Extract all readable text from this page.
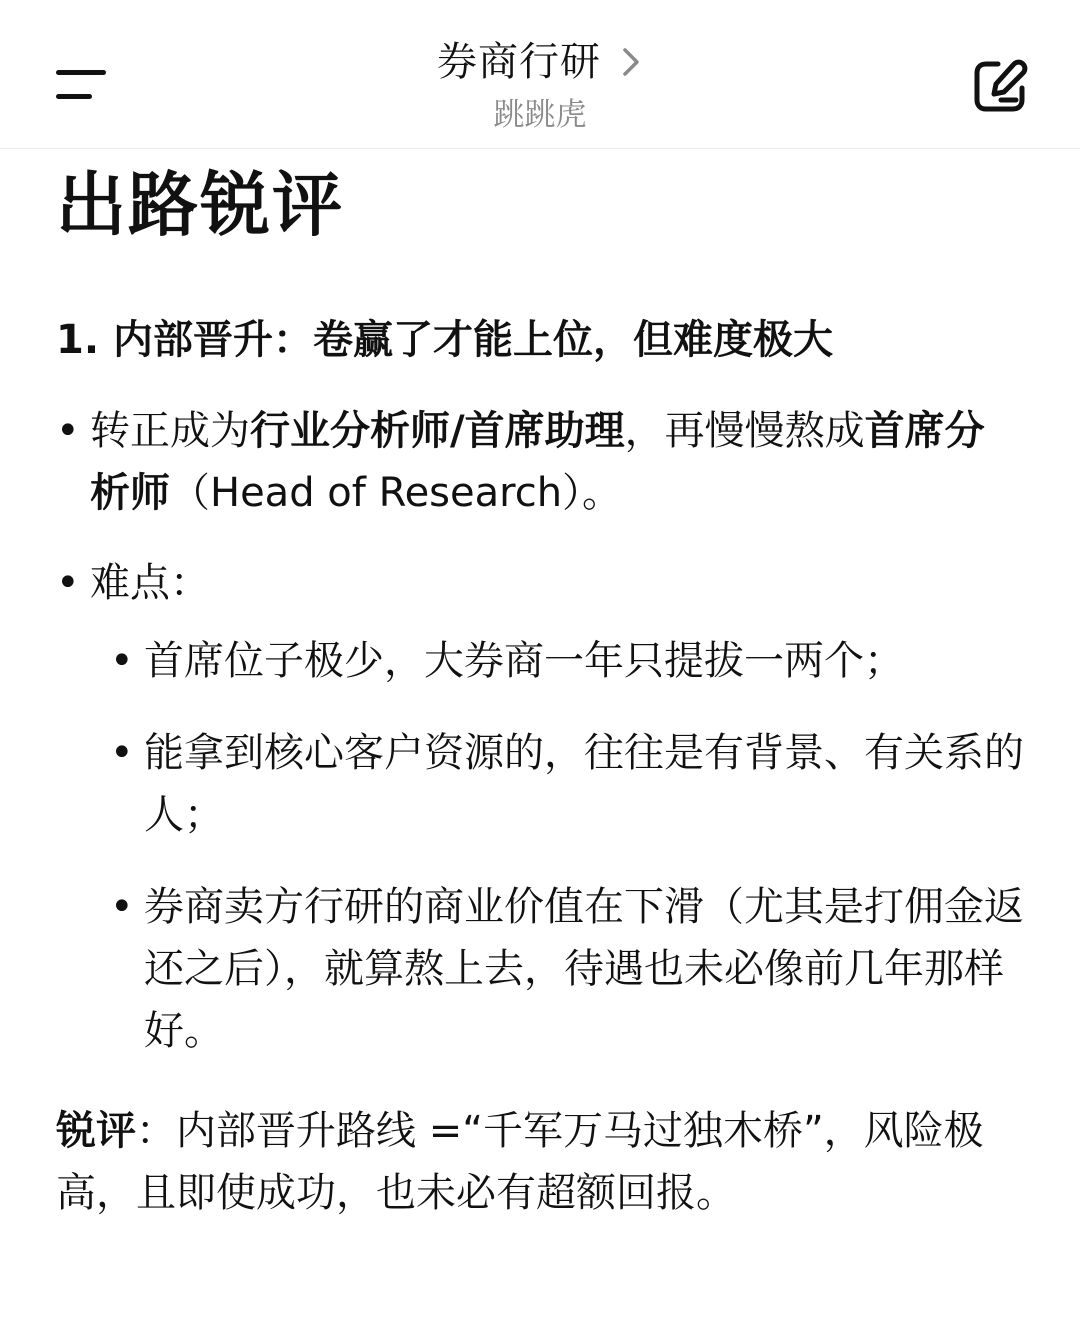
券商行研
跳跳虎
出路锐评
1. 内部晋升：卷赢了才能上位，但难度极大
• 转正成为行业分析师/首席助理，再慢慢熬成首席分析师（Head of Research）。
• 难点：
• 首席位子极少，大券商一年只提拔一两个；
• 能拿到核心客户资源的，往往是有背景、有关系的人；
• 券商卖方行研的商业价值在下滑（尤其是打佣金返还之后），就算熬上去，待遇也未必像前几年那样好。
锐评：内部晋升路线 =“千军万马过独木桥”，风险极高，且即使成功，也未必有超额回报。
